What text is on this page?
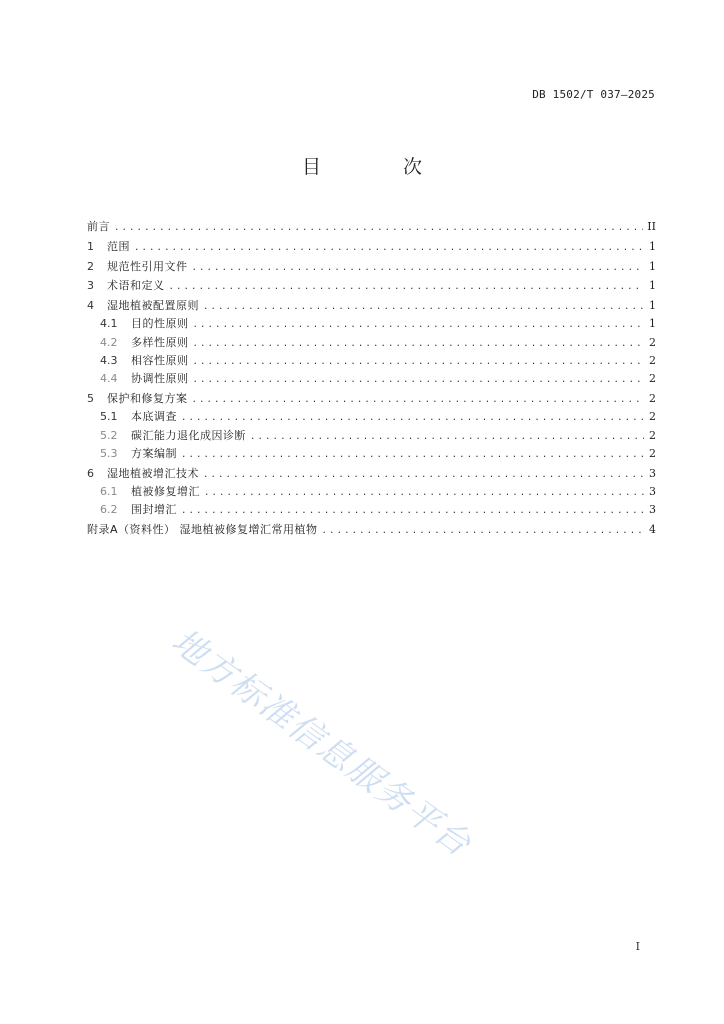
DB 1502/T 037—2025
目 次
前言 .....	II
1	范围 .....	1
2	规范性引用文件 .....	1
3	术语和定义 .....	1
4	湿地植被配置原则 .....	1
4.1	目的性原则 .....	1
4.2	多样性原则 .....	2
4.3	相容性原则 .....	2
4.4	协调性原则 .....	2
5	保护和修复方案 .....	2
5.1	本底调查 .....	2
5.2	碳汇能力退化成因诊断 .....	2
5.3	方案编制 .....	2
6	湿地植被增汇技术 .....	3
6.1	植被修复增汇 .....	3
6.2	围封增汇 .....	3
附录A（资料性） 湿地植被修复增汇常用植物 .....	4
地方标准信息服务平台
I
